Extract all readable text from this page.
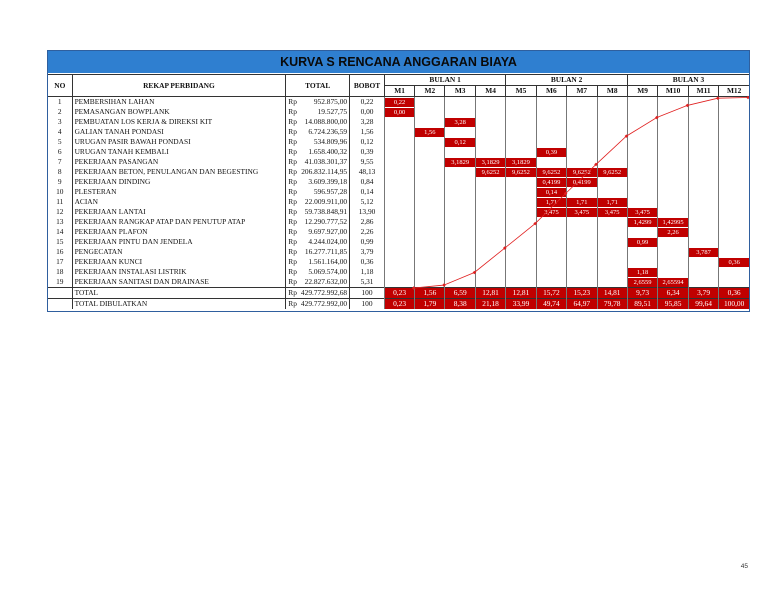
KURVA S RENCANA ANGGARAN BIAYA
NO	REKAP PERBIDANG	TOTAL		BOBOT	BULAN 1				BULAN 2				BULAN 3			
					M1	M2	M3	M4	M5	M6	M7	M8	M9	M10	M11	M12
1	PEMBERSIHAN LAHAN	Rp	952.875,00	0,22	0,22											

2	PEMASANGAN BOWPLANK	Rp	19.527,75	0,00	0,00											

3	PEMBUATAN LOS KERJA & DIREKSI KIT	Rp	14.088.800,00	3,28			3,28									

4	GALIAN TANAH PONDASI	Rp	6.724.236,59	1,56		1,56										

5	URUGAN PASIR BAWAH PONDASI	Rp	534.809,96	0,12			0,12									

6	URUGAN TANAH KEMBALI	Rp	1.658.400,32	0,39						0,39						

7	PEKERJAAN PASANGAN	Rp	41.038.301,37	9,55			3,1829	3,1829	3,1829							

8	PEKERJAAN BETON, PENULANGAN DAN BEGESTING	Rp	206.832.114,95	48,13				9,6252	9,6252	9,6252	9,6252	9,6252				

9	PEKERJAAN DINDING	Rp	3.609.399,18	0,84						0,4199	0,4199					

10	PLESTERAN	Rp	596.957,28	0,14						0,14						

11	ACIAN	Rp	22.009.911,00	5,12						1,71	1,71	1,71				

12	PEKERJAAN LANTAI	Rp	59.738.848,91	13,90						3,475	3,475	3,475	3,475			

13	PEKERJAAN RANGKAP ATAP DAN PENUTUP ATAP	Rp	12.290.777,52	2,86									1,4299	1,42995		

14	PEKERJAAN PLAFON	Rp	9.697.927,00	2,26										2,26		

15	PEKERJAAN PINTU DAN JENDELA	Rp	4.244.024,00	0,99									0,99			

16	PENGECATAN	Rp	16.277.711,85	3,79											3,787	

17	PEKERJAAN KUNCI	Rp	1.561.164,00	0,36												0,36

18	PEKERJAAN INSTALASI LISTRIK	Rp	5.069.574,00	1,18									1,18			

19	PEKERJAAN SANITASI DAN DRAINASE	Rp	22.827.632,00	5,31									2,6559	2,65594		

	TOTAL	Rp	429.772.992,68	100	0,23	1,56	6,59	12,81	12,81	15,72	15,23	14,81	9,73	6,34	3,79	0,36
	TOTAL DIBULATKAN	Rp	429.772.992,00	100	0,23	1,79	8,38	21,18	33,99	49,74	64,97	79,78	89,51	95,85	99,64	100,00
45
